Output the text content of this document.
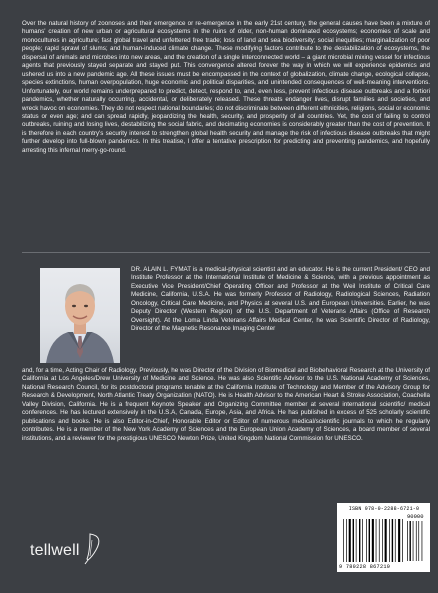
Over the natural history of zoonoses and their emergence or re-emergence in the early 21st century, the general causes have been a mixture of humans' creation of new urban or agricultural ecosystems in the ruins of older, non-human dominated ecosystems; economies of scale and monocultures in agriculture; fast global travel and unfettered free trade; loss of land and sea biodiversity; social inequities; marginalization of poor people; rapid sprawl of slums; and human-induced climate change. These modifying factors contribute to the destabilization of ecosystems, the dispersal of animals and microbes into new areas, and the creation of a single interconnected world – a giant microbial mixing vessel for infectious agents that previously stayed separate and stayed put. This convergence altered forever the way in which we will experience epidemics and ushered us into a new pandemic age. All these issues must be encompassed in the context of globalization, climate change, ecological collapse, species extinctions, human overpopulation, huge economic and political disparities, and unintended consequences of well-meaning interventions. Unfortunately, our world remains underprepared to predict, detect, respond to, and, even less, prevent infectious disease outbreaks and a fortiori pandemics, whether naturally occurring, accidental, or deliberately released. These threats endanger lives, disrupt families and societies, and wreck havoc on economies. They do not respect national boundaries; do not discriminate between different ethnicities, religions, social or economic status or even age; and can spread rapidly, jeopardizing the health, security, and prosperity of all countries. Yet, the cost of failing to control outbreaks, ruining and losing lives, destabilizing the social fabric, and decimating economies is considerably greater than the cost of prevention. It is therefore in each country's security interest to strengthen global health security and manage the risk of infectious disease outbreaks that might further develop into full-blown pandemics. In this treatise, I offer a tentative prescription for predicting and preventing pandemics, and hopefully arresting this infernal merry-go-round.

DR. ALAIN L. FYMAT is a medical-physical scientist and an educator. He is the current President/ CEO and Institute Professor at the International Institute of Medicine & Science, with a previous appointment as Executive Vice President/Chief Operating Officer and Professor at the Weil Institute of Critical Care Medicine, California, U.S.A. He was formerly Professor of Radiology, Radiological Sciences, Radiation Oncology, Critical Care Medicine, and Physics at several U.S. and European Universities. Earlier, he was Deputy Director (Western Region) of the U.S. Department of Veterans Affairs (Office of Research Oversight). At the Loma Linda Veterans Affairs Medical Center, he was Scientific Director of Radiology, Director of the Magnetic Resonance Imaging Center

and, for a time, Acting Chair of Radiology. Previously, he was Director of the Division of Biomedical and Biobehavioral Research at the University of California at Los Angeles/Drew University of Medicine and Science. He was also Scientific Advisor to the U.S. National Academy of Sciences, National Research Council, for its postdoctoral programs tenable at the California Institute of Technology and Member of the Advisory Group for Research & Development, North Atlantic Treaty Organization (NATO). He is Health Advisor to the American Heart & Stroke Association, Coachella Valley Division, California. He is a frequent Keynote Speaker and Organizing Committee member at several international scientific/ medical conferences. He has lectured extensively in the U.S.A, Canada, Europe, Asia, and Africa. He has published in excess of 525 scholarly scientific publications and books. He is also Editor-in-Chief, Honorable Editor or Editor of numerous medical/scientific journals to which he regularly contributes. He is a member of the New York Academy of Sciences and the European Union Academy of Sciences, a board member of several institutions, and a reviewer for the prestigious UNESCO Newton Prize, United Kingdom National Commission for UNESCO.

tellwell
ISBN 978-0-2288-6721-0
90000
9 780228 867210
